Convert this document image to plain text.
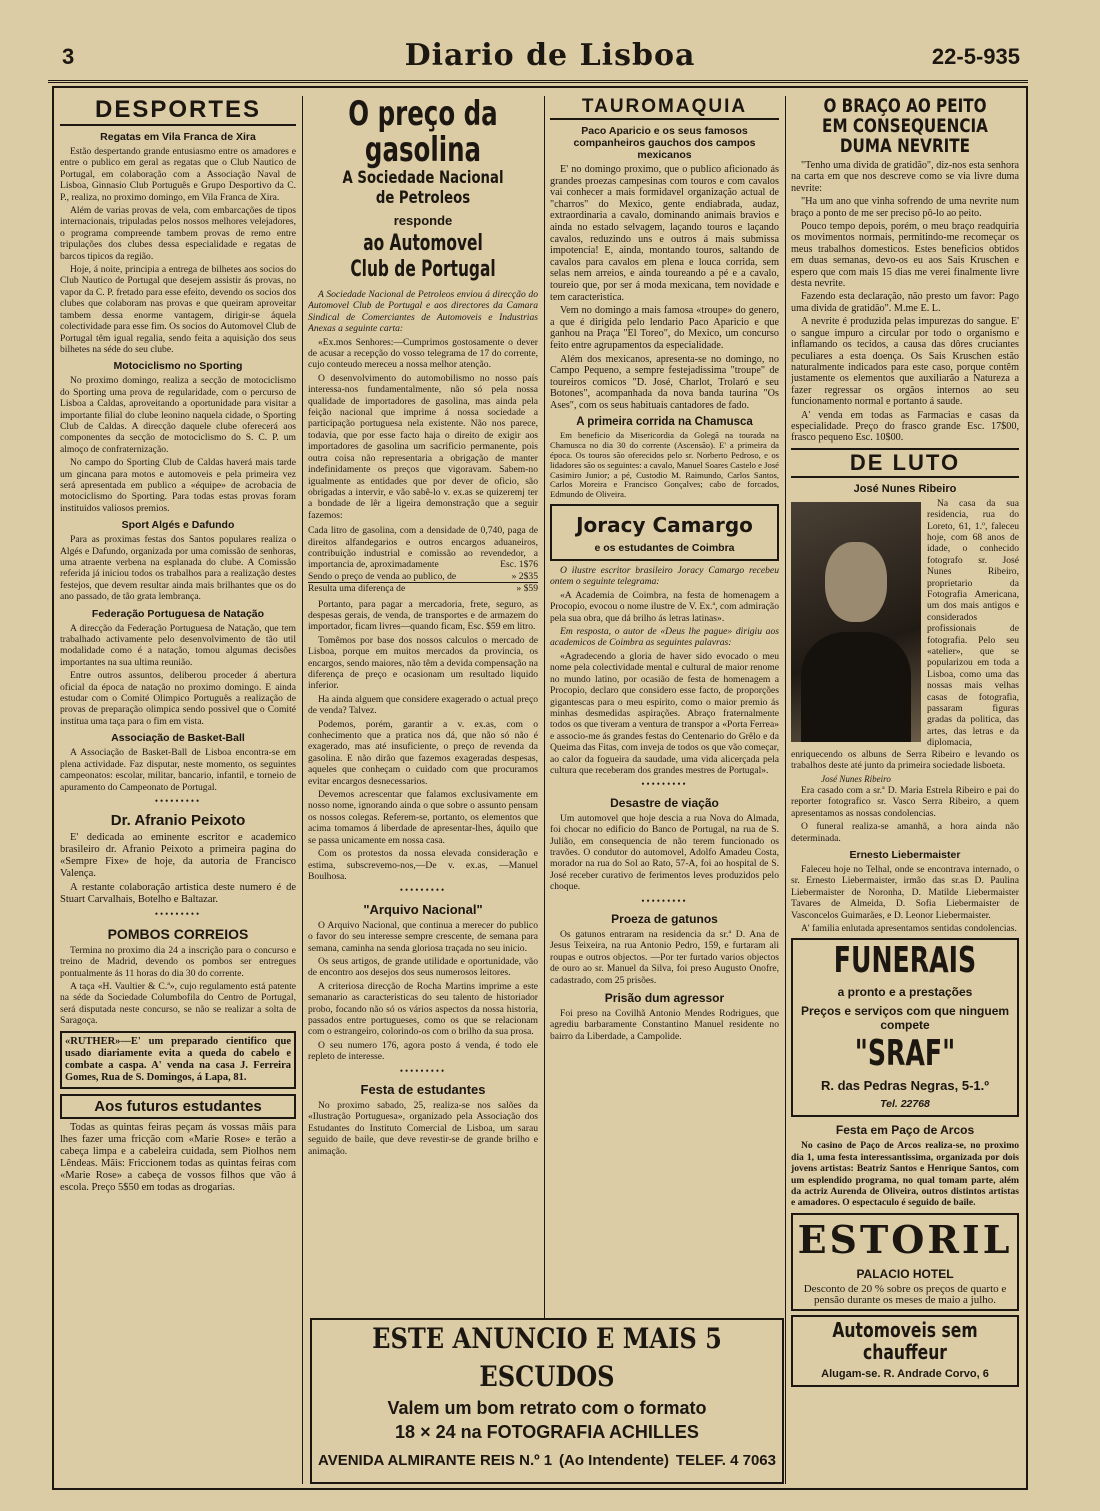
3	Diario de Lisboa	22-5-935
DESPORTES
Regatas em Vila Franca de Xira

Estão despertando grande entusiasmo entre os amadores e entre o publico em geral as regatas que o Club Nautico de Portugal, em colaboração com a Associação Naval de Lisboa, Ginnasio Club Português e Grupo Desportivo da C. P., realiza, no proximo domingo, em Vila Franca de Xira.

Além de varias provas de vela, com embarcações de tipos internacionais, tripuladas pelos nossos melhores velejadores, o programa compreende tambem provas de remo entre tripulações dos clubes dessa especialidade e regatas de barcos tipicos da região.

Hoje, á noite, principia a entrega de bilhetes aos socios do Club Nautico de Portugal que desejem assistir ás provas, no vapor da C. P. fretado para esse efeito, devendo os socios dos clubes que colaboram nas provas e que queiram aproveitar tambem dessa enorme vantagem, dirigir-se áquela colectividade para esse fim. Os socios do Automovel Club de Portugal têm igual regalia, sendo feita a aquisição dos seus bilhetes na séde do seu clube.

Motociclismo no Sporting

No proximo domingo, realiza a secção de motociclismo do Sporting uma prova de regularidade, com o percurso de Lisboa a Caldas, aproveitando a oportunidade para visitar a importante filial do clube leonino naquela cidade, o Sporting Club de Caldas. A direcção daquele clube oferecerá aos componentes da secção de motociclismo do S. C. P. um almoço de confraternização.

No campo do Sporting Club de Caldas haverá mais tarde um gincana para motos e automoveis e pela primeira vez será apresentada em publico a «équipe» de acrobacia de motociclismo do Sporting. Para todas estas provas foram instituidos valiosos premios.

Sport Algés e Dafundo

Para as proximas festas dos Santos populares realiza o Algés e Dafundo, organizada por uma comissão de senhoras, uma atraente verbena na esplanada do clube. A Comissão referida já iniciou todos os trabalhos para a realização destes festejos, que devem resultar ainda mais brilhantes que os do ano passado, de tão grata lembrança.

Federação Portuguesa de Natação

A direcção da Federação Portuguesa de Natação, que tem trabalhado activamente pelo desenvolvimento de tão util modalidade como é a natação, tomou algumas decisões importantes na sua ultima reunião.

Entre outros assuntos, deliberou proceder á abertura oficial da época de natação no proximo domingo. E ainda estudar com o Comité Olimpico Português a realização de provas de preparação olimpica sendo possivel que o Comité institua uma taça para o fim em vista.

Associação de Basket-Ball

A Associação de Basket-Ball de Lisboa encontra-se em plena actividade. Faz disputar, neste momento, os seguintes campeonatos: escolar, militar, bancario, infantil, e torneio de apuramento do Campeonato de Portugal.

•••••••••
Dr. Afranio Peixoto

E' dedicada ao eminente escritor e academico brasileiro dr. Afranio Peixoto a primeira pagina do «Sempre Fixe» de hoje, da autoria de Francisco Valença.

A restante colaboração artistica deste numero é de Stuart Carvalhais, Botelho e Baltazar.

•••••••••
POMBOS CORREIOS

Termina no proximo dia 24 a inscrição para o concurso e treino de Madrid, devendo os pombos ser entregues pontualmente ás 11 horas do dia 30 do corrente.

A taça «H. Vaultier & C.ª», cujo regulamento está patente na séde da Sociedade Columbofila do Centro de Portugal, será disputada neste concurso, se não se realizar a solta de Saragoça.

«RUTHER»—E' um preparado cientifico que usado diariamente evita a queda do cabelo e combate a caspa. A' venda na casa J. Ferreira Gomes, Rua de S. Domingos, á Lapa, 81.
Aos futuros estudantes

Todas as quintas feiras peçam ás vossas mãis para lhes fazer uma fricção com «Marie Rose» e terão a cabeça limpa e a cabeleira cuidada, sem Piolhos nem Lêndeas. Mãis: Friccionem todas as quintas feiras com «Marie Rose» a cabeça de vossos filhos que vão á escola. Preço 5$50 em todas as drogarias.

O preço da gasolina
A Sociedade Nacional de Petroleos
responde
ao Automovel Club de Portugal

A Sociedade Nacional de Petroleos enviou á direcção do Automovel Club de Portugal e aos directores da Camara Sindical de Comerciantes de Automoveis e Industrias Anexas a seguinte carta:

«Ex.mos Senhores:—Cumprimos gostosamente o dever de acusar a recepção do vosso telegrama de 17 do corrente, cujo conteudo mereceu a nossa melhor atenção.

O desenvolvimento do automobilismo no nosso país interessa-nos fundamentalmente, não só pela nossa qualidade de importadores de gasolina, mas ainda pela feição nacional que imprime á nossa sociedade a participação portuguesa nela existente. Não nos parece, todavia, que por esse facto haja o direito de exigir aos importadores de gasolina um sacrificio permanente, pois outra coisa não representaria a obrigação de manter indefinidamente os preços que vigoravam. Sabem-no igualmente as entidades que por dever de oficio, são obrigadas a intervir, e vão sabê-lo v. ex.as se quizeremj ter a bondade de lêr a ligeira demonstração que a seguir fazemos:

Cada litro de gasolina, com a densidade de 0,740, paga de direitos alfandegarios e outros encargos aduaneiros, contribuição industrial e comissão ao revendedor, a importancia de, aproximadamente	Esc. 1$76
Sendo o preço de venda ao publico, de	» 2$35
Resulta uma diferença de	» $59

Portanto, para pagar a mercadoria, frete, seguro, as despesas gerais, de venda, de transportes e de armazem do importador, ficam livres—quando ficam, Esc. $59 em litro.

Tomêmos por base dos nossos calculos o mercado de Lisboa, porque em muitos mercados da provincia, os encargos, sendo maiores, não têm a devida compensação na diferença de preço e ocasionam um resultado liquido inferior.

Ha ainda alguem que considere exagerado o actual preço de venda? Talvez.

Podemos, porém, garantir a v. ex.as, com o conhecimento que a pratica nos dá, que não só não é exagerado, mas até insuficiente, o preço de revenda da gasolina. E não dirão que fazemos exageradas despesas, aqueles que conheçam o cuidado com que procuramos evitar encargos desnecessarios.

Devemos acrescentar que falamos exclusivamente em nosso nome, ignorando ainda o que sobre o assunto pensam os nossos colegas. Referem-se, portanto, os elementos que acima tomamos á liberdade de apresentar-lhes, áquilo que se passa unicamente em nossa casa.

Com os protestos da nossa elevada consideração e estima, subscrevemo-nos,—De v. ex.as, —Manuel Boulhosa.

•••••••••
"Arquivo Nacional"

O Arquivo Nacional, que continua a merecer do publico o favor do seu interesse sempre crescente, de semana para semana, caminha na senda gloriosa traçada no seu inicio.

Os seus artigos, de grande utilidade e oportunidade, vão de encontro aos desejos dos seus numerosos leitores.

A criteriosa direcção de Rocha Martins imprime a este semanario as caracteristicas do seu talento de historiador probo, focando não só os vários aspectos da nossa historia, passados entre portugueses, como os que se relacionam com o estrangeiro, colorindo-os com o brilho da sua prosa.

O seu numero 176, agora posto á venda, é todo ele repleto de interesse.

•••••••••
Festa de estudantes

No proximo sabado, 25, realiza-se nos salões da «Ilustração Portuguesa», organizado pela Associação dos Estudantes do Instituto Comercial de Lisboa, um sarau seguido de baile, que deve revestir-se de grande brilho e animação.

TAUROMAQUIA
Paco Aparicio e os seus famosos companheiros gauchos dos campos mexicanos

E' no domingo proximo, que o publico aficionado ás grandes proezas campesinas com touros e com cavalos vai conhecer a mais formidavel organização actual de "charros" do Mexico, gente endiabrada, audaz, extraordinaria a cavalo, dominando animais bravios e ainda no estado selvagem, laçando touros e laçando cavalos, reduzindo uns e outros á mais submissa impotencia! E, ainda, montando touros, saltando de cavalos para cavalos em plena e louca corrida, sem selas nem arreios, e ainda toureando a pé e a cavalo, toureio que, por ser á moda mexicana, tem novidade e tem caracteristica.

Vem no domingo a mais famosa «troupe» do genero, a que é dirigida pelo lendario Paco Aparicio e que ganhou na Praça "El Toreo", do Mexico, um concurso feito entre agrupamentos da especialidade.

Além dos mexicanos, apresenta-se no domingo, no Campo Pequeno, a sempre festejadissima "troupe" de toureiros comicos "D. José, Charlot, Trolaró e seu Botones", acompanhada da nova banda taurina "Os Ases", com os seus habituais cantadores de fado.

A primeira corrida na Chamusca

Em beneficio da Misericordia da Golegã na tourada na Chamusca no dia 30 do corrente (Ascensão). E' a primeira da época. Os touros são oferecidos pelo sr. Norberto Pedroso, e os lidadores são os seguintes: a cavalo, Manuel Soares Castelo e José Casimiro Junior; a pé, Custodio M. Raimundo, Carlos Santos, Carlos Moreira e Francisco Gonçalves; cabo de forcados, Edmundo de Oliveira.

Joracy Camargo
e os estudantes de Coimbra

O ilustre escritor brasileiro Joracy Camargo recebeu ontem o seguinte telegrama:

«A Academia de Coimbra, na festa de homenagem a Procopio, evocou o nome ilustre de V. Ex.ª, com admiração pela sua obra, que dá brilho ás letras latinas».

Em resposta, o autor de «Deus lhe pague» dirigiu aos academicos de Coimbra as seguintes palavras:

«Agradecendo a gloria de haver sido evocado o meu nome pela colectividade mental e cultural de maior renome no mundo latino, por ocasião de festa de homenagem a Procopio, declaro que considero esse facto, de proporções gigantescas para o meu espirito, como o maior premio ás minhas desmedidas aspirações. Abraço fraternalmente todos os que tiveram a ventura de transpor a «Porta Ferrea» e associo-me ás grandes festas do Centenario do Grêlo e da Queima das Fitas, com inveja de todos os que vão começar, ao calor da fogueira da saudade, uma vida alicerçada pela cultura que receberam dos grandes mestres de Portugal».

•••••••••
Desastre de viação

Um automovel que hoje descia a rua Nova do Almada, foi chocar no edificio do Banco de Portugal, na rua de S. Julião, em consequencia de não terem funcionado os travões. O condutor do automovel, Adolfo Amadeu Costa, morador na rua do Sol ao Rato, 57-A, foi ao hospital de S. José receber curativo de ferimentos leves produzidos pelo choque.

•••••••••
Proeza de gatunos

Os gatunos entraram na residencia da sr.ª D. Ana de Jesus Teixeira, na rua Antonio Pedro, 159, e furtaram ali roupas e outros objectos. —Por ter furtado varios objectos de ouro ao sr. Manuel da Silva, foi preso Augusto Onofre, cadastrado, com 25 prisões.

Prisão dum agressor

Foi preso na Covilhã Antonio Mendes Rodrigues, que agrediu barbaramente Constantino Manuel residente no bairro da Liberdade, a Campolide.

O BRAÇO AO PEITO EM CONSEQUENCIA DUMA NEVRITE

"Tenho uma divida de gratidão", diz-nos esta senhora na carta em que nos descreve como se via livre duma nevrite:

"Ha um ano que vinha sofrendo de uma nevrite num braço a ponto de me ser preciso pô-lo ao peito.

Pouco tempo depois, porém, o meu braço readquiria os movimentos normais, permitindo-me recomeçar os meus trabalhos domesticos. Estes beneficios obtidos em duas semanas, devo-os eu aos Sais Kruschen e espero que com mais 15 dias me verei finalmente livre desta nevrite.

Fazendo esta declaração, não presto um favor: Pago uma divida de gratidão". M.me E. L.

A nevrite é produzida pelas impurezas do sangue. E' o sangue impuro a circular por todo o organismo e inflamando os tecidos, a causa das dôres cruciantes peculiares a esta doença. Os Sais Kruschen estão naturalmente indicados para este caso, porque contêm justamente os elementos que auxiliarão a Natureza a fazer regressar os orgãos internos ao seu funcionamento normal e portanto á saude.

A' venda em todas as Farmacias e casas da especialidade. Preço do frasco grande Esc. 17$00, frasco pequeno Esc. 10$00.

DE LUTO
José Nunes Ribeiro

Na casa da sua residencia, rua do Loreto, 61, 1.º, faleceu hoje, com 68 anos de idade, o conhecido fotografo sr. José Nunes Ribeiro, proprietario da Fotografia Americana, um dos mais antigos e considerados profissionais de fotografia. Pelo seu «atelier», que se popularizou em toda a Lisboa, como uma das nossas mais velhas casas de fotografia, passaram figuras gradas da politica, das artes, das letras e da diplomacia, enriquecendo os albuns de Serra Ribeiro e levando os trabalhos deste até junto da primeira sociedade lisboeta.

José Nunes Ribeiro

Era casado com a sr.ª D. Maria Estrela Ribeiro e pai do reporter fotografico sr. Vasco Serra Ribeiro, a quem apresentamos as nossas condolencias.

O funeral realiza-se amanhã, a hora ainda não determinada.

Ernesto Liebermaister

Faleceu hoje no Telhal, onde se encontrava internado, o sr. Ernesto Liebermaister, irmão das sr.as D. Paulina Liebermaister de Noronha, D. Matilde Liebermaister Tavares de Almeida, D. Sofia Liebermaister de Vasconcelos Guimarães, e D. Leonor Liebermaister.

A' familia enlutada apresentamos sentidas condolencias.

FUNERAIS
a pronto e a prestações
Preços e serviços com que ninguem compete
"SRAF"
R. das Pedras Negras, 5-1.º
Tel. 22768
Festa em Paço de Arcos

No casino de Paço de Arcos realiza-se, no proximo dia 1, uma festa interessantissima, organizada por dois jovens artistas: Beatriz Santos e Henrique Santos, com um esplendido programa, no qual tomam parte, além da actriz Aurenda de Oliveira, outros distintos artistas e amadores. O espectaculo é seguido de baile.

ESTORIL
PALACIO HOTEL
Desconto de 20 % sobre os preços de quarto e pensão durante os meses de maio a julho.
Automoveis sem chauffeur
Alugam-se. R. Andrade Corvo, 6
ESTE ANUNCIO E MAIS 5 ESCUDOS
Valem um bom retrato com o formato
18 × 24 na FOTOGRAFIA ACHILLES
AVENIDA ALMIRANTE REIS N.º 1 (Ao Intendente) TELEF. 4 7063
